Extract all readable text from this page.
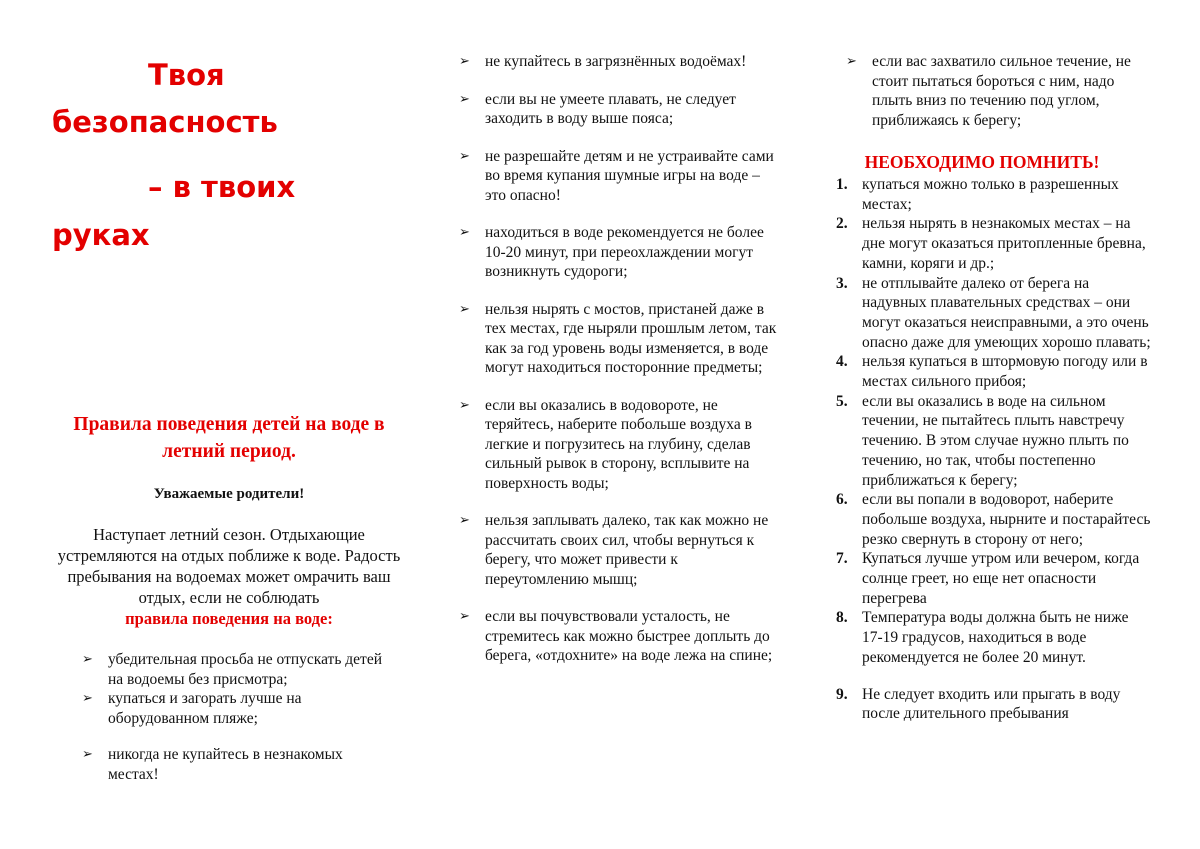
Твоя
безопасность
– в твоих
руках
Правила поведения детей на воде в летний период.

Уважаемые родители!

Наступает летний сезон. Отдыхающие устремляются на отдых поближе к воде. Радость пребывания на водоемах может омрачить ваш отдых, если не соблюдать
правила поведения на воде:

➢ убедительная просьба не отпускать детей на водоемы без присмотра;
➢ купаться и загорать лучше на оборудованном пляже;
➢ никогда не купайтесь в незнакомых местах!
➢ не купайтесь в загрязнённых водоёмах!
➢ если вы не умеете плавать, не следует заходить в воду выше пояса;
➢ не разрешайте детям и не устраивайте сами во время купания шумные игры на воде – это опасно!
➢ находиться в воде рекомендуется не более 10-20 минут, при переохлаждении могут возникнуть судороги;
➢ нельзя нырять с мостов, пристаней даже в тех местах, где ныряли прошлым летом, так как за год уровень воды изменяется, в воде могут находиться посторонние предметы;
➢ если вы оказались в водовороте, не теряйтесь, наберите побольше воздуха в легкие и погрузитесь на глубину, сделав сильный рывок в сторону, всплывите на поверхность воды;
➢ нельзя заплывать далеко, так как можно не рассчитать своих сил, чтобы вернуться к берегу, что может привести к переутомлению мышц;
➢ если вы почувствовали усталость, не стремитесь как можно быстрее доплыть до берега, «отдохните» на воде лежа на спине;
➢ если вас захватило сильное течение, не стоит пытаться бороться с ним, надо плыть вниз по течению под углом, приближаясь к берегу;
НЕОБХОДИМО ПОМНИТЬ!
1. купаться можно только в разрешенных местах;
2. нельзя нырять в незнакомых местах – на дне могут оказаться притопленные бревна, камни, коряги и др.;
3. не отплывайте далеко от берега на надувных плавательных средствах – они могут оказаться неисправными, а это очень опасно даже для умеющих хорошо плавать;
4. нельзя купаться в штормовую погоду или в местах сильного прибоя;
5. если вы оказались в воде на сильном течении, не пытайтесь плыть навстречу течению. В этом случае нужно плыть по течению, но так, чтобы постепенно приближаться к берегу;
6. если вы попали в водоворот, наберите побольше воздуха, нырните и постарайтесь резко свернуть в сторону от него;
7. Купаться лучше утром или вечером, когда солнце греет, но еще нет опасности перегрева
8. Температура воды должна быть не ниже 17-19 градусов, находиться в воде рекомендуется не более 20 минут.
9. Не следует входить или прыгать в воду после длительного пребывания
